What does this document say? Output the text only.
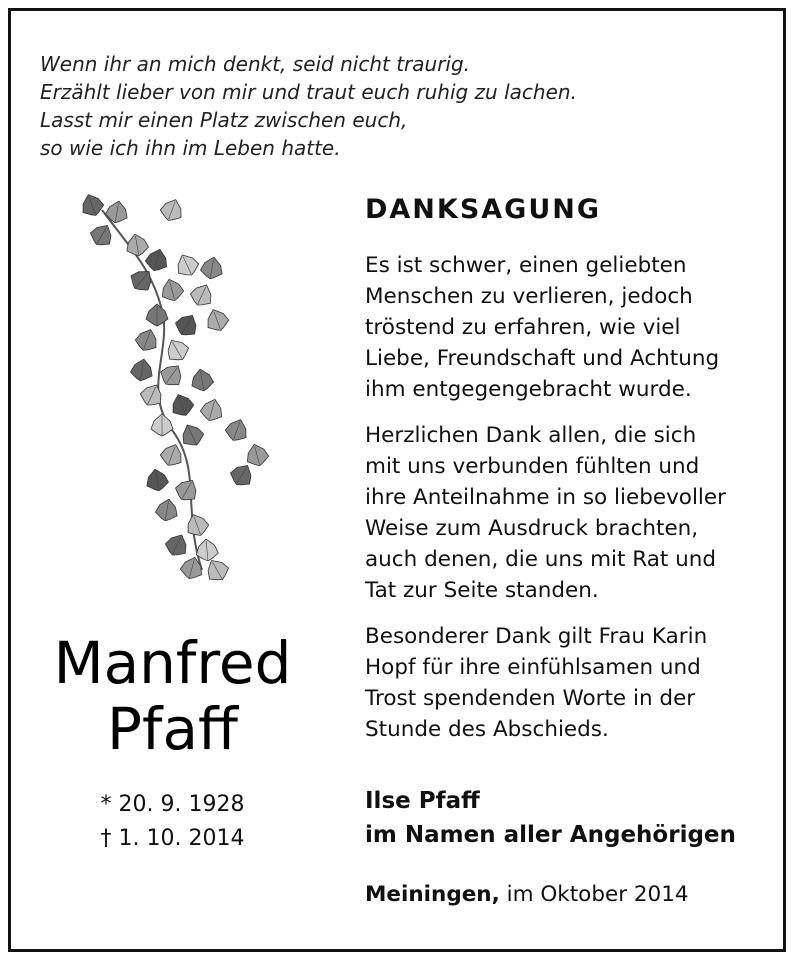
Wenn ihr an mich denkt, seid nicht traurig.
Erzählt lieber von mir und traut euch ruhig zu lachen.
Lasst mir einen Platz zwischen euch,
so wie ich ihn im Leben hatte.
DANKSAGUNG
Es ist schwer, einen geliebten
Menschen zu verlieren, jedoch
tröstend zu erfahren, wie viel
Liebe, Freundschaft und Achtung
ihm entgegengebracht wurde.
Herzlichen Dank allen, die sich
mit uns verbunden fühlten und
ihre Anteilnahme in so liebevoller
Weise zum Ausdruck brachten,
auch denen, die uns mit Rat und
Tat zur Seite standen.
Besonderer Dank gilt Frau Karin
Hopf für ihre einfühlsamen und
Trost spendenden Worte in der
Stunde des Abschieds.
Manfred
Pfaff
* 20. 9. 1928
† 1. 10. 2014
Ilse Pfaff
im Namen aller Angehörigen
Meiningen, im Oktober 2014
